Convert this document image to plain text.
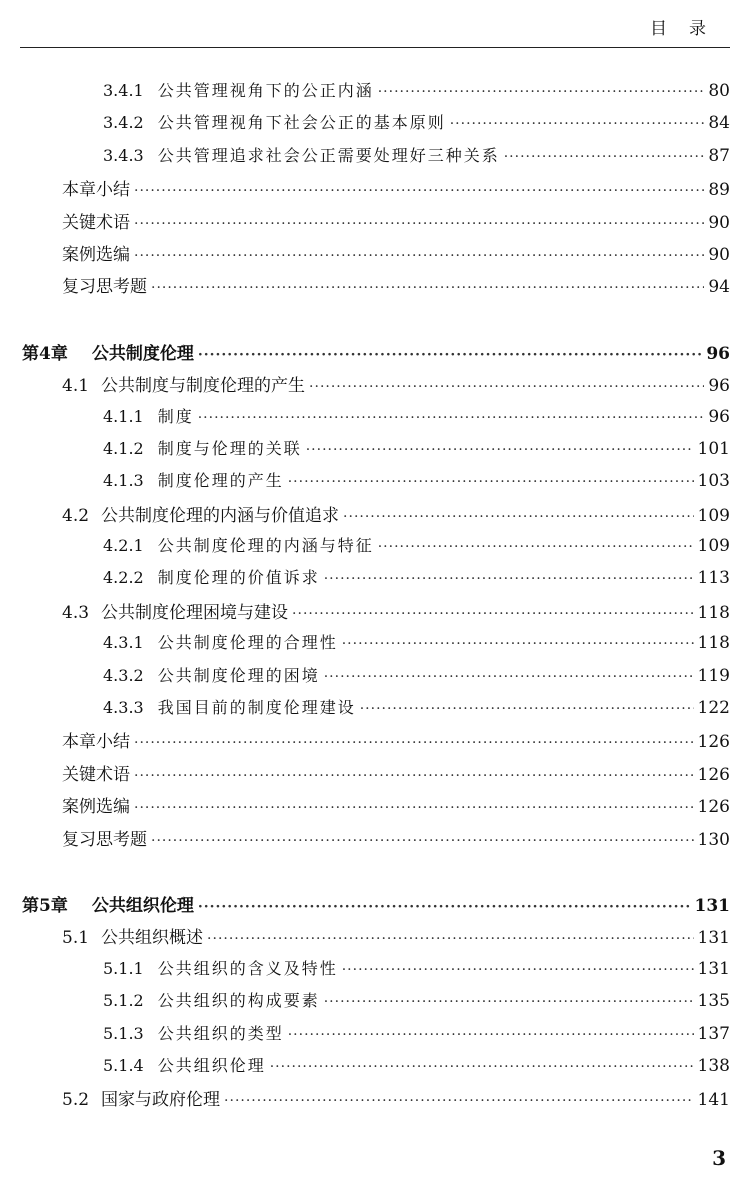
目录
3.4.1 公共管理视角下的公正内涵 ·····	80
3.4.2 公共管理视角下社会公正的基本原则 ·····	84
3.4.3 公共管理追求社会公正需要处理好三种关系 ·····	87
本章小结 ·····	89
关键术语 ·····	90
案例选编 ·····	90
复习思考题 ·····	94
第4章	公共制度伦理 ·····	96
4.1 公共制度与制度伦理的产生 ·····	96
4.1.1 制度 ·····	96
4.1.2 制度与伦理的关联 ·····	101
4.1.3 制度伦理的产生 ·····	103
4.2 公共制度伦理的内涵与价值追求 ·····	109
4.2.1 公共制度伦理的内涵与特征 ·····	109
4.2.2 制度伦理的价值诉求 ·····	113
4.3 公共制度伦理困境与建设 ·····	118
4.3.1 公共制度伦理的合理性 ·····	118
4.3.2 公共制度伦理的困境 ·····	119
4.3.3 我国目前的制度伦理建设 ·····	122
本章小结 ·····	126
关键术语 ·····	126
案例选编 ·····	126
复习思考题 ·····	130
第5章	公共组织伦理 ·····	131
5.1 公共组织概述 ·····	131
5.1.1 公共组织的含义及特性 ·····	131
5.1.2 公共组织的构成要素 ·····	135
5.1.3 公共组织的类型 ·····	137
5.1.4 公共组织伦理 ·····	138
5.2 国家与政府伦理 ·····	141
3
